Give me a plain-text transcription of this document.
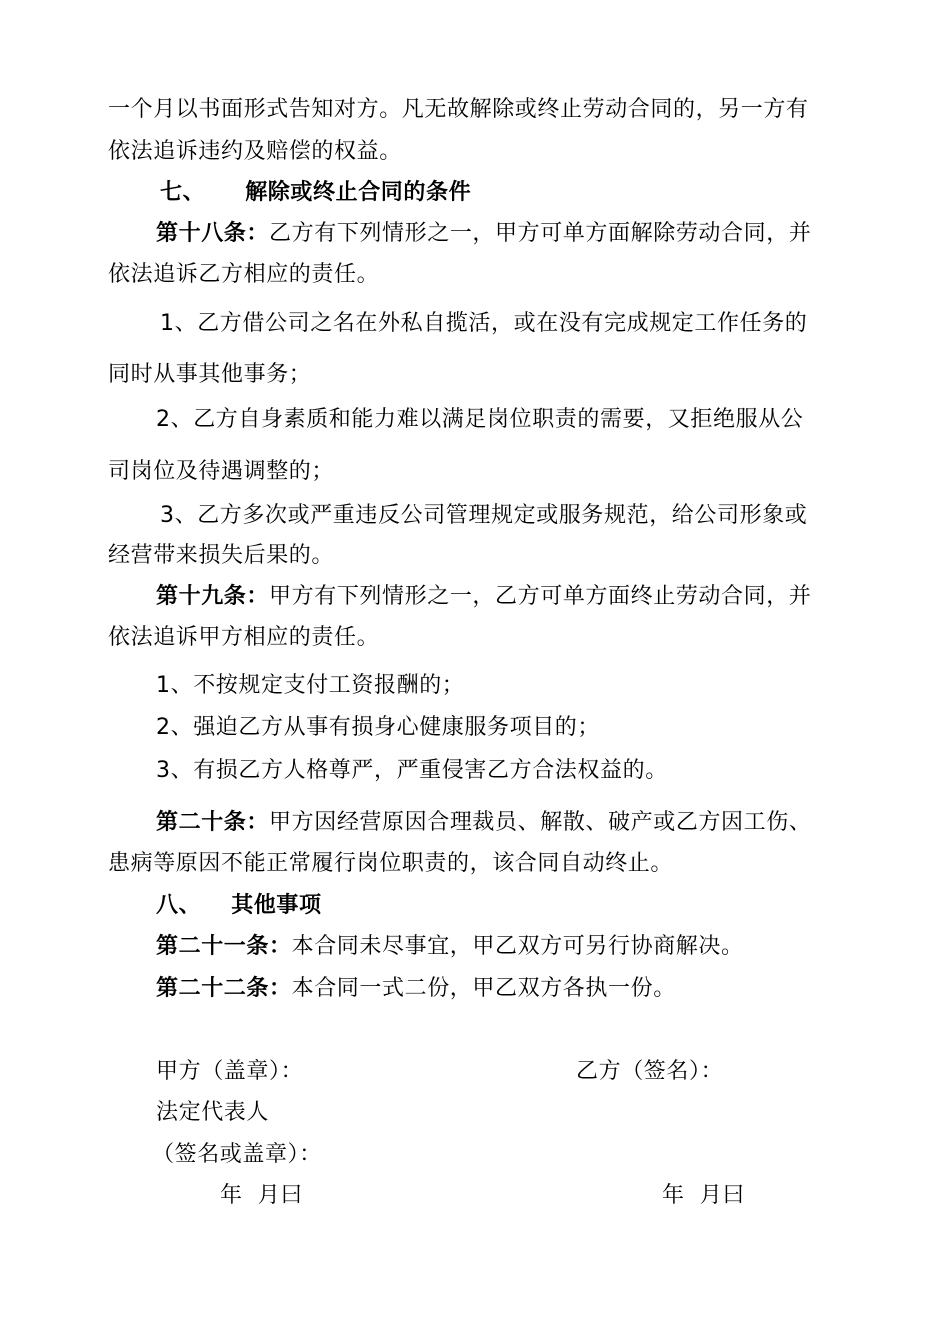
一个月以书面形式告知对方。凡无故解除或终止劳动合同的，另一方有
依法追诉违约及赔偿的权益。
七、 解除或终止合同的条件
第十八条：乙方有下列情形之一，甲方可单方面解除劳动合同，并
依法追诉乙方相应的责任。
1、乙方借公司之名在外私自揽活，或在没有完成规定工作任务的
同时从事其他事务；
2、乙方自身素质和能力难以满足岗位职责的需要，又拒绝服从公
司岗位及待遇调整的；
3、乙方多次或严重违反公司管理规定或服务规范，给公司形象或
经营带来损失后果的。
第十九条：甲方有下列情形之一，乙方可单方面终止劳动合同，并
依法追诉甲方相应的责任。
1、不按规定支付工资报酬的；
2、强迫乙方从事有损身心健康服务项目的；
3、有损乙方人格尊严，严重侵害乙方合法权益的。
第二十条：甲方因经营原因合理裁员、解散、破产或乙方因工伤、
患病等原因不能正常履行岗位职责的，该合同自动终止。
八、 其他事项
第二十一条：本合同未尽事宜，甲乙双方可另行协商解决。
第二十二条：本合同一式二份，甲乙双方各执一份。
甲方（盖章）：	乙方（签名）：
法定代表人
（签名或盖章）：
年  月曰	年  月曰
